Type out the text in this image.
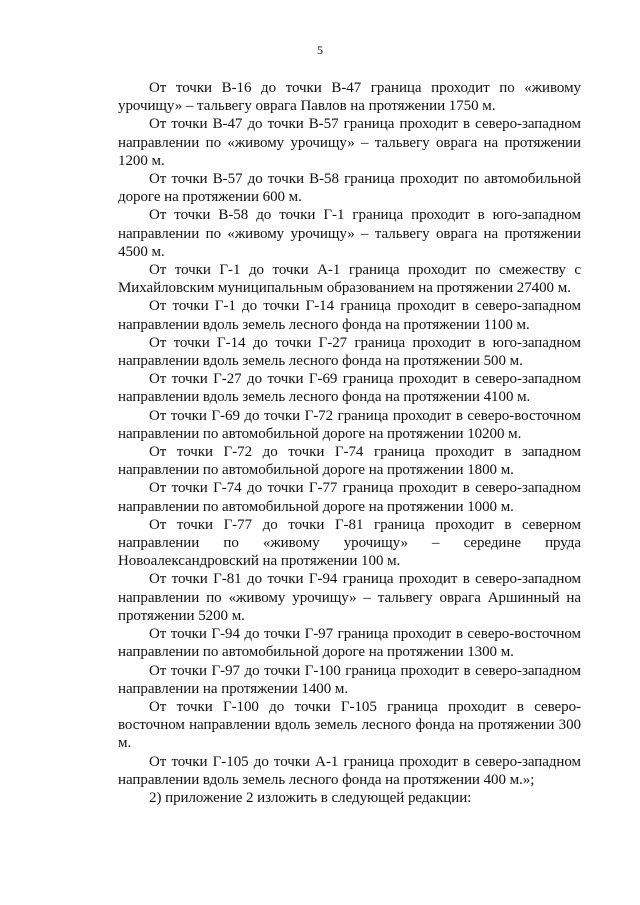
5

От точки В-16 до точки В-47 граница проходит по «живому урочищу» – тальвегу оврага Павлов на протяжении 1750 м.

От точки В-47 до точки В-57 граница проходит в северо-западном направлении по «живому урочищу» – тальвегу оврага на протяжении 1200 м.

От точки В-57 до точки В-58 граница проходит по автомобильной дороге на протяжении 600 м.

От точки В-58 до точки Г-1 граница проходит в юго-западном направлении по «живому урочищу» – тальвегу оврага на протяжении 4500 м.

От точки Г-1 до точки А-1 граница проходит по смежеству с Михайловским муниципальным образованием на протяжении 27400 м.

От точки Г-1 до точки Г-14 граница проходит в северо-западном направлении вдоль земель лесного фонда на протяжении 1100 м.

От точки Г-14 до точки Г-27 граница проходит в юго-западном направлении вдоль земель лесного фонда на протяжении 500 м.

От точки Г-27 до точки Г-69 граница проходит в северо-западном направлении вдоль земель лесного фонда на протяжении 4100 м.

От точки Г-69 до точки Г-72 граница проходит в северо-восточном направлении по автомобильной дороге на протяжении 10200 м.

От точки Г-72 до точки Г-74 граница проходит в западном направлении по автомобильной дороге на протяжении 1800 м.

От точки Г-74 до точки Г-77 граница проходит в северо-западном направлении по автомобильной дороге на протяжении 1000 м.

От точки Г-77 до точки Г-81 граница проходит в северном направлении по «живому урочищу» – середине пруда Новоалександровский на протяжении 100 м.

От точки Г-81 до точки Г-94 граница проходит в северо-западном направлении по «живому урочищу» – тальвегу оврага Аршинный на протяжении 5200 м.

От точки Г-94 до точки Г-97 граница проходит в северо-восточном направлении по автомобильной дороге на протяжении 1300 м.

От точки Г-97 до точки Г-100 граница проходит в северо-западном направлении на протяжении 1400 м.

От точки Г-100 до точки Г-105 граница проходит в северо-восточном направлении вдоль земель лесного фонда на протяжении 300 м.

От точки Г-105 до точки А-1 граница проходит в северо-западном направлении вдоль земель лесного фонда на протяжении 400 м.»;

2) приложение 2 изложить в следующей редакции:
